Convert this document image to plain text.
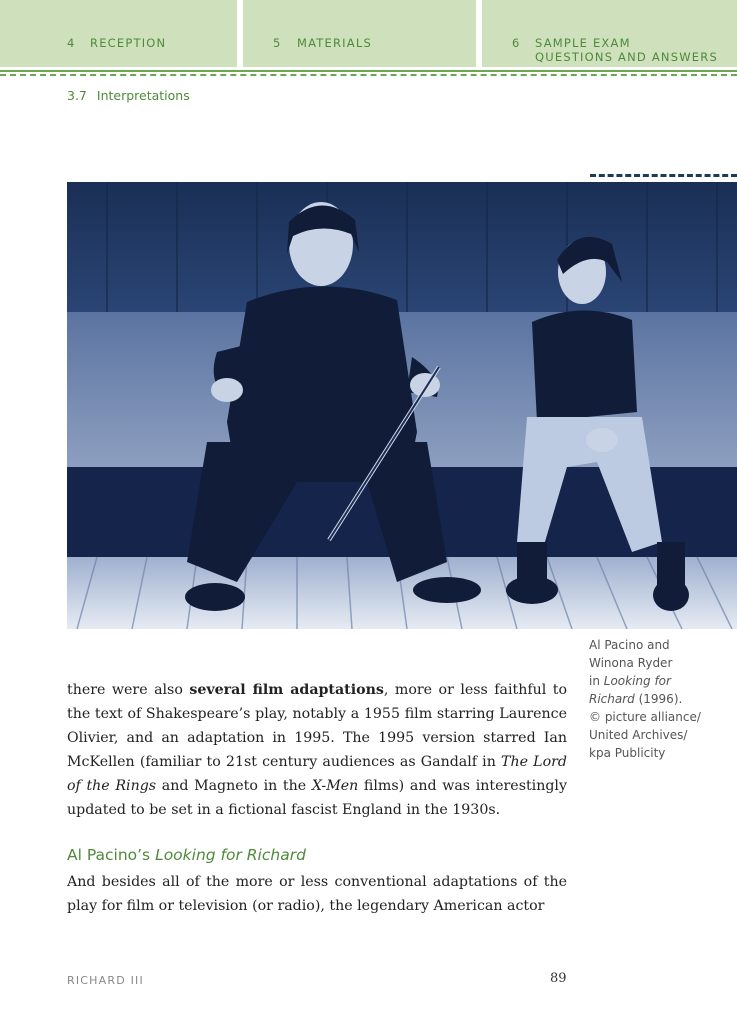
4 RECEPTION	5 MATERIALS	6 SAMPLE EXAM
QUESTIONS AND ANSWERS
3.7 Interpretations
Al Pacino and
Winona Ryder
in Looking for
Richard (1996).
© picture alliance/
United Archives/
kpa Publicity
there were also several film adaptations, more or less faithful to the text of Shakespeare’s play, notably a 1955 film starring Laurence Olivier, and an adaptation in 1995. The 1995 version starred Ian McKellen (familiar to 21st century audiences as Gandalf in The Lord of the Rings and Magneto in the X-Men films) and was interestingly updated to be set in a fictional fascist England in the 1930s.
Al Pacino’s Looking for Richard
And besides all of the more or less conventional adaptations of the play for film or television (or radio), the legendary American actor
RICHARD III	89
